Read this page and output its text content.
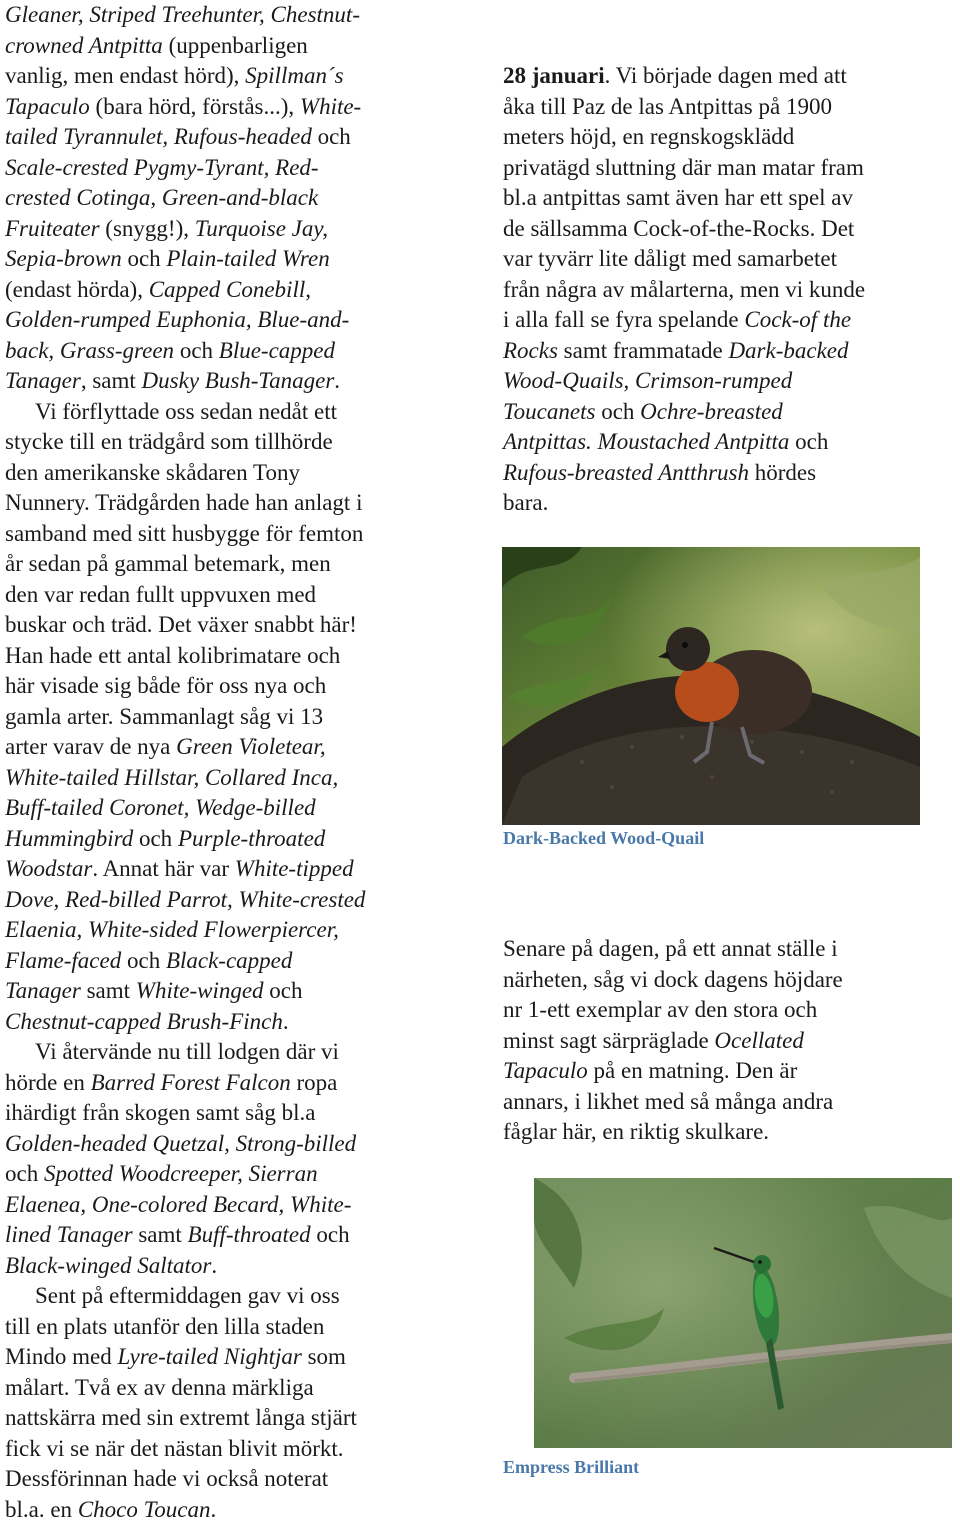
Gleaner, Striped Treehunter, Chestnut-
crowned Antpitta (uppenbarligen
vanlig, men endast hörd), Spillman´s
Tapaculo (bara hörd, förstås...), White-
tailed Tyrannulet, Rufous-headed och
Scale-crested Pygmy-Tyrant, Red-
crested Cotinga, Green-and-black
Fruiteater (snygg!), Turquoise Jay,
Sepia-brown och Plain-tailed Wren
(endast hörda), Capped Conebill,
Golden-rumped Euphonia, Blue-and-
back, Grass-green och Blue-capped
Tanager, samt Dusky Bush-Tanager.
Vi förflyttade oss sedan nedåt ett
stycke till en trädgård som tillhörde
den amerikanske skådaren Tony
Nunnery. Trädgården hade han anlagt i
samband med sitt husbygge för femton
år sedan på gammal betemark, men
den var redan fullt uppvuxen med
buskar och träd. Det växer snabbt här!
Han hade ett antal kolibrimatare och
här visade sig både för oss nya och
gamla arter. Sammanlagt såg vi 13
arter varav de nya Green Violetear,
White-tailed Hillstar, Collared Inca,
Buff-tailed Coronet, Wedge-billed
Hummingbird och Purple-throated
Woodstar. Annat här var White-tipped
Dove, Red-billed Parrot, White-crested
Elaenia, White-sided Flowerpiercer,
Flame-faced och Black-capped
Tanager samt White-winged och
Chestnut-capped Brush-Finch.
Vi återvände nu till lodgen där vi
hörde en Barred Forest Falcon ropa
ihärdigt från skogen samt såg bl.a
Golden-headed Quetzal, Strong-billed
och Spotted Woodcreeper, Sierran
Elaenea, One-colored Becard, White-
lined Tanager samt Buff-throated och
Black-winged Saltator.
Sent på eftermiddagen gav vi oss
till en plats utanför den lilla staden
Mindo med Lyre-tailed Nightjar som
målart. Två ex av denna märkliga
nattskärra med sin extremt långa stjärt
fick vi se när det nästan blivit mörkt.
Dessförinnan hade vi också noterat
bl.a. en Choco Toucan.
28 januari. Vi började dagen med att
åka till Paz de las Antpittas på 1900
meters höjd, en regnskogsklädd
privatägd sluttning där man matar fram
bl.a antpittas samt även har ett spel av
de sällsamma Cock-of-the-Rocks. Det
var tyvärr lite dåligt med samarbetet
från några av målarterna, men vi kunde
i alla fall se fyra spelande Cock-of the
Rocks samt frammatade Dark-backed
Wood-Quails, Crimson-rumped
Toucanets och Ochre-breasted
Antpittas. Moustached Antpitta och
Rufous-breasted Antthrush hördes
bara.
Dark-Backed Wood-Quail
Senare på dagen, på ett annat ställe i
närheten, såg vi dock dagens höjdare
nr 1-ett exemplar av den stora och
minst sagt särpräglade Ocellated
Tapaculo på en matning. Den är
annars, i likhet med så många andra
fåglar här, en riktig skulkare.
Empress Brilliant
